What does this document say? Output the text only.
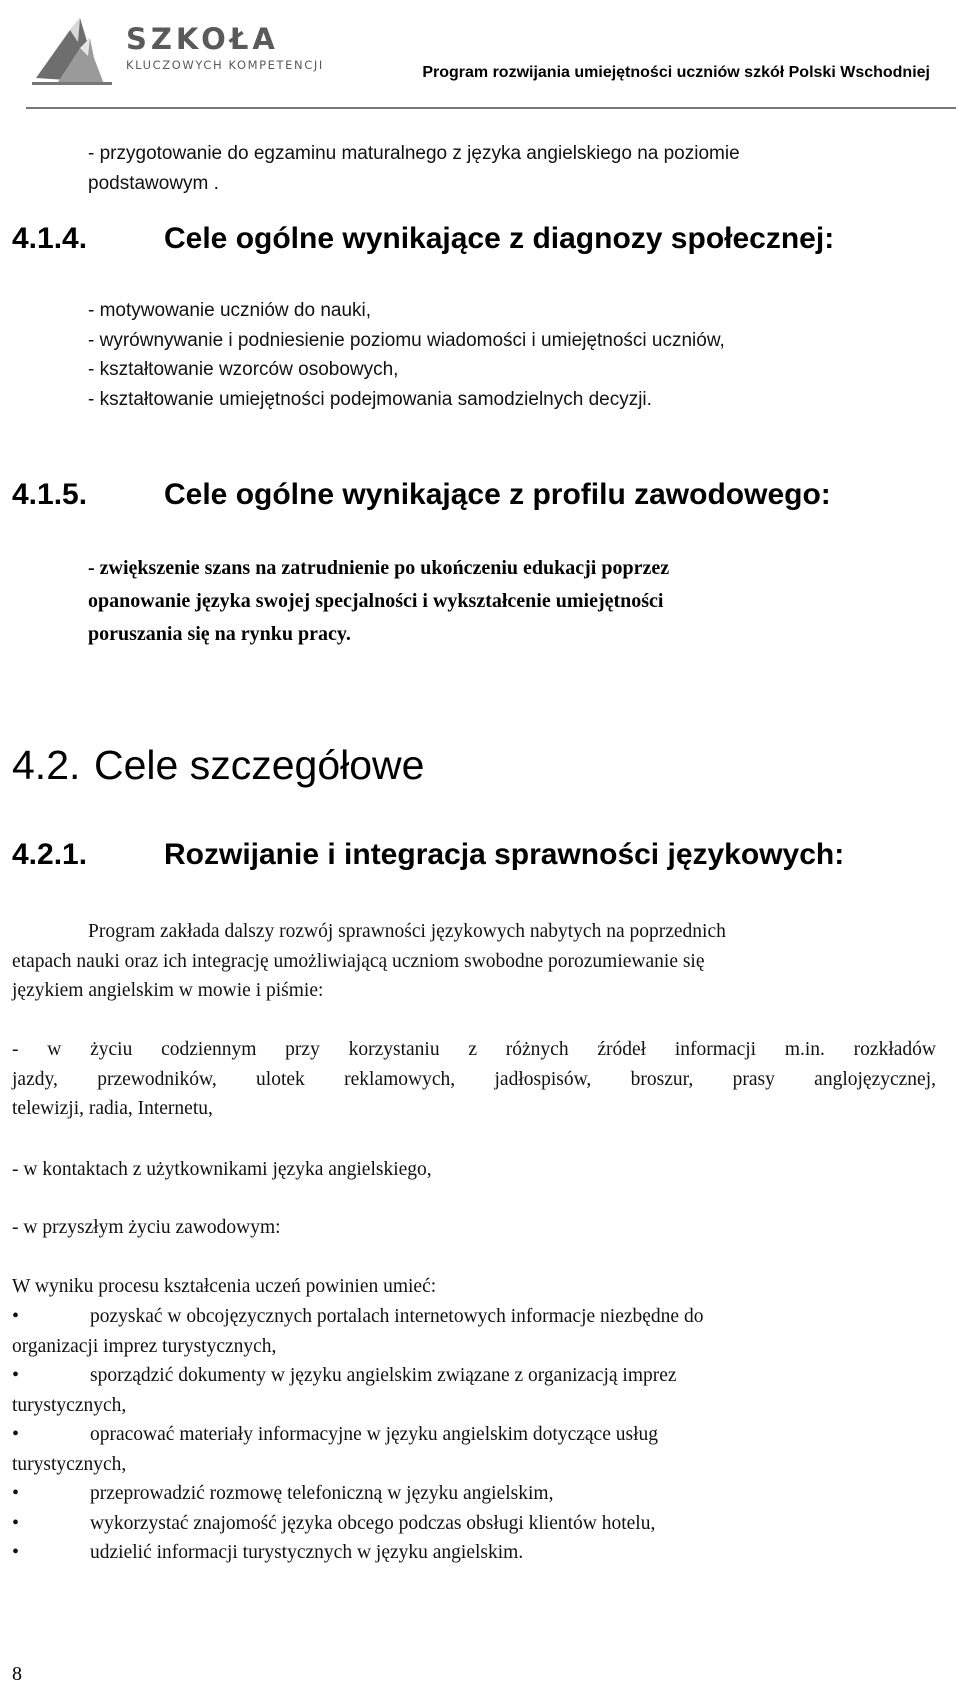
SZKOŁA
KLUCZOWYCH KOMPETENCJI	Program rozwijania umiejętności uczniów szkół Polski Wschodniej
- przygotowanie do egzaminu maturalnego z języka angielskiego na poziomie
podstawowym .
4.1.4.	Cele ogólne wynikające z diagnozy społecznej:
- motywowanie uczniów do nauki,
- wyrównywanie i podniesienie poziomu wiadomości i umiejętności uczniów,
- kształtowanie wzorców osobowych,
- kształtowanie umiejętności podejmowania samodzielnych decyzji.
4.1.5.	Cele ogólne wynikające z profilu zawodowego:
- zwiększenie szans na zatrudnienie po ukończeniu edukacji poprzez
opanowanie języka swojej specjalności i wykształcenie umiejętności
poruszania się na rynku pracy.
4.2. Cele szczegółowe
4.2.1.	Rozwijanie i integracja sprawności językowych:
Program zakłada dalszy rozwój sprawności językowych nabytych na poprzednich
etapach nauki oraz ich integrację umożliwiającą uczniom swobodne porozumiewanie się
językiem angielskim w mowie i piśmie:
- w życiu codziennym przy korzystaniu z różnych źródeł informacji m.in. rozkładów
jazdy, przewodników, ulotek reklamowych, jadłospisów, broszur, prasy anglojęzycznej,
telewizji, radia, Internetu,
- w kontaktach z użytkownikami języka angielskiego,
- w przyszłym życiu zawodowym:
W wyniku procesu kształcenia uczeń powinien umieć:
•	pozyskać w obcojęzycznych portalach internetowych informacje niezbędne do
organizacji imprez turystycznych,
•	sporządzić dokumenty w języku angielskim związane z organizacją imprez
turystycznych,
•	opracować materiały informacyjne w języku angielskim dotyczące usług
turystycznych,
•	przeprowadzić rozmowę telefoniczną w języku angielskim,
•	wykorzystać znajomość języka obcego podczas obsługi klientów hotelu,
•	udzielić informacji turystycznych w języku angielskim.
8
